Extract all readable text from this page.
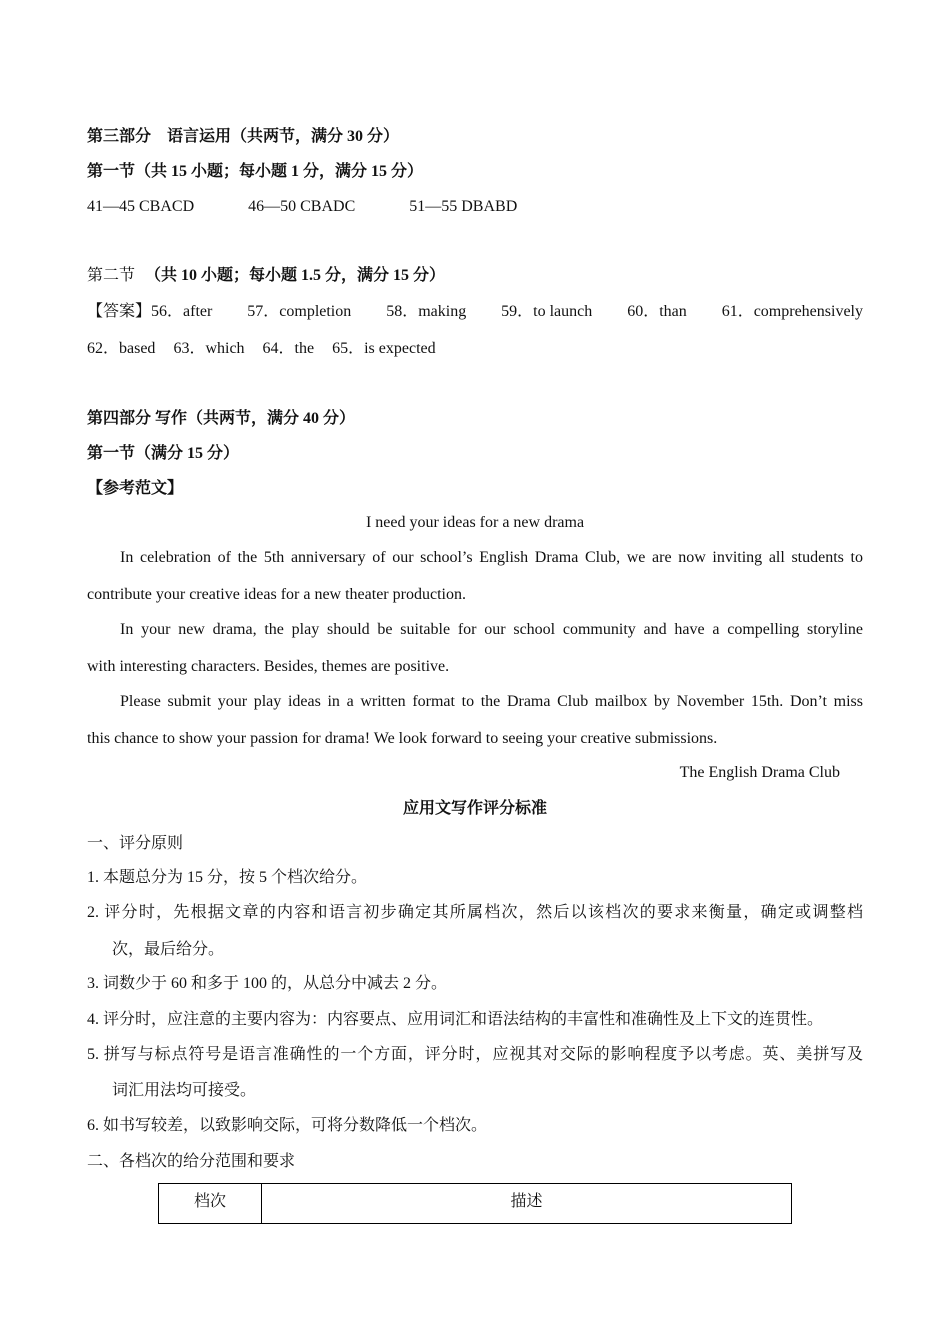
第三部分　语言运用（共两节，满分 30 分）
第一节（共 15 小题；每小题 1 分，满分 15 分）
41—45 CBACD	46—50 CBADC	51—55 DBABD
第二节 （共 10 小题；每小题 1.5 分，满分 15 分）
【答案】56．after 57．completion 58．making 59．to launch 60．than 61．comprehensively
62．based 63．which 64．the 65．is expected
第四部分 写作（共两节，满分 40 分）
第一节（满分 15 分）
【参考范文】
I need your ideas for a new drama
In celebration of the 5th anniversary of our school’s English Drama Club, we are now inviting all students to
contribute your creative ideas for a new theater production.
In your new drama, the play should be suitable for our school community and have a compelling storyline
with interesting characters. Besides, themes are positive.
Please submit your play ideas in a written format to the Drama Club mailbox by November 15th. Don’t miss
this chance to show your passion for drama! We look forward to seeing your creative submissions.
The English Drama Club
应用文写作评分标准
一、评分原则
1. 本题总分为 15 分，按 5 个档次给分。
2. 评分时，先根据文章的内容和语言初步确定其所属档次，然后以该档次的要求来衡量，确定或调整档
次，最后给分。
3. 词数少于 60 和多于 100 的，从总分中减去 2 分。
4. 评分时，应注意的主要内容为：内容要点、应用词汇和语法结构的丰富性和准确性及上下文的连贯性。
5. 拼写与标点符号是语言准确性的一个方面，评分时，应视其对交际的影响程度予以考虑。英、美拼写及
词汇用法均可接受。
6. 如书写较差，以致影响交际，可将分数降低一个档次。
二、各档次的给分范围和要求
档次	描述
